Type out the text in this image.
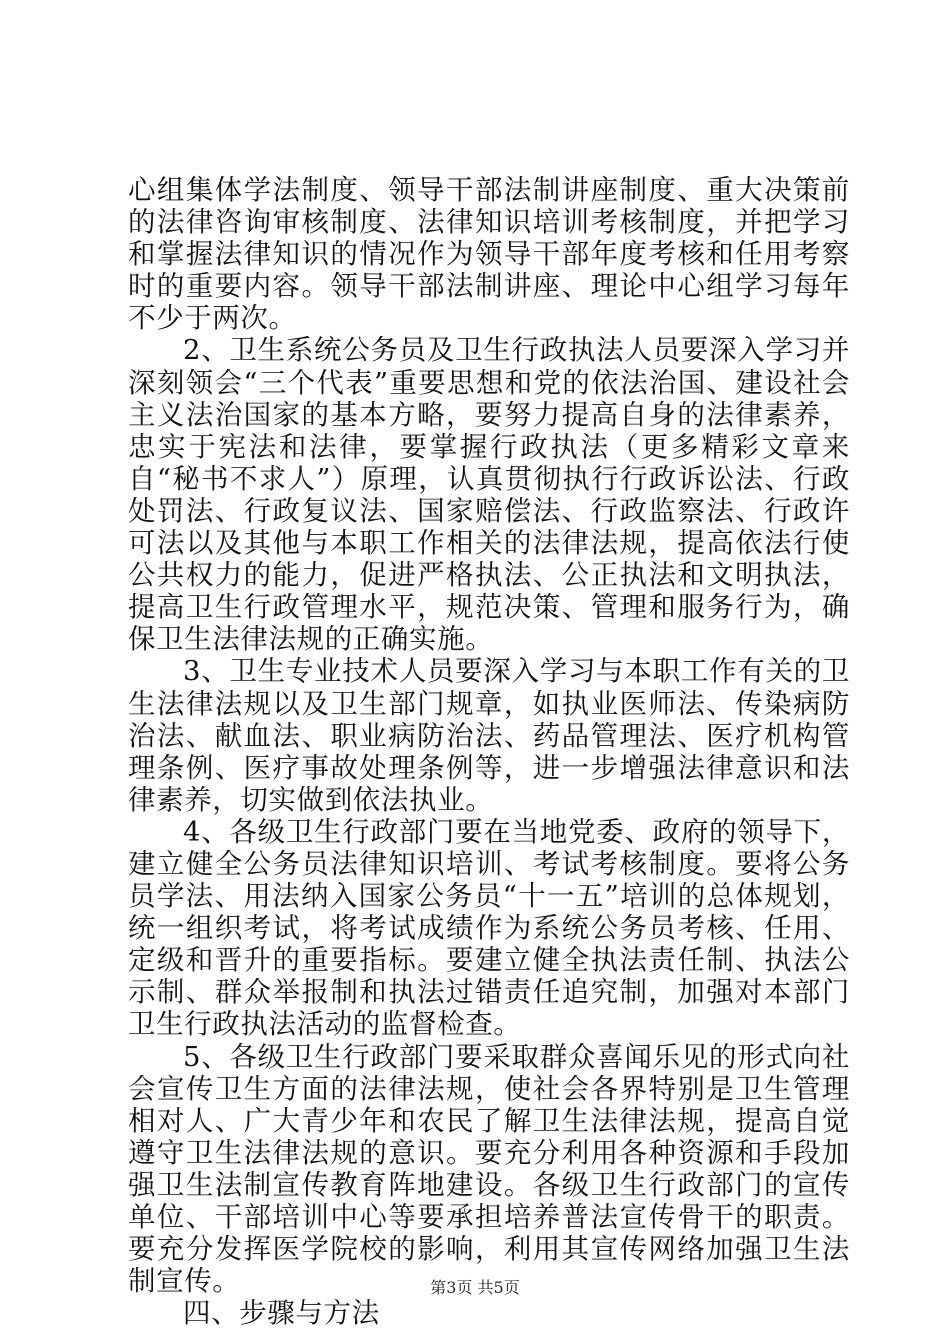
心组集体学法制度、领导干部法制讲座制度、重大决策前的法律咨询审核制度、法律知识培训考核制度，并把学习和掌握法律知识的情况作为领导干部年度考核和任用考察时的重要内容。领导干部法制讲座、理论中心组学习每年不少于两次。

2、卫生系统公务员及卫生行政执法人员要深入学习并深刻领会“三个代表”重要思想和党的依法治国、建设社会主义法治国家的基本方略，要努力提高自身的法律素养，忠实于宪法和法律，要掌握行政执法（更多精彩文章来自“秘书不求人”）原理，认真贯彻执行行政诉讼法、行政处罚法、行政复议法、国家赔偿法、行政监察法、行政许可法以及其他与本职工作相关的法律法规，提高依法行使公共权力的能力，促进严格执法、公正执法和文明执法，提高卫生行政管理水平，规范决策、管理和服务行为，确保卫生法律法规的正确实施。

3、卫生专业技术人员要深入学习与本职工作有关的卫生法律法规以及卫生部门规章，如执业医师法、传染病防治法、献血法、职业病防治法、药品管理法、医疗机构管理条例、医疗事故处理条例等，进一步增强法律意识和法律素养，切实做到依法执业。

4、各级卫生行政部门要在当地党委、政府的领导下，建立健全公务员法律知识培训、考试考核制度。要将公务员学法、用法纳入国家公务员“十一五”培训的总体规划，统一组织考试，将考试成绩作为系统公务员考核、任用、定级和晋升的重要指标。要建立健全执法责任制、执法公示制、群众举报制和执法过错责任追究制，加强对本部门卫生行政执法活动的监督检查。

5、各级卫生行政部门要采取群众喜闻乐见的形式向社会宣传卫生方面的法律法规，使社会各界特别是卫生管理相对人、广大青少年和农民了解卫生法律法规，提高自觉遵守卫生法律法规的意识。要充分利用各种资源和手段加强卫生法制宣传教育阵地建设。各级卫生行政部门的宣传单位、干部培训中心等要承担培养普法宣传骨干的职责。要充分发挥医学院校的影响，利用其宣传网络加强卫生法制宣传。

四、步骤与方法

第3页 共5页
